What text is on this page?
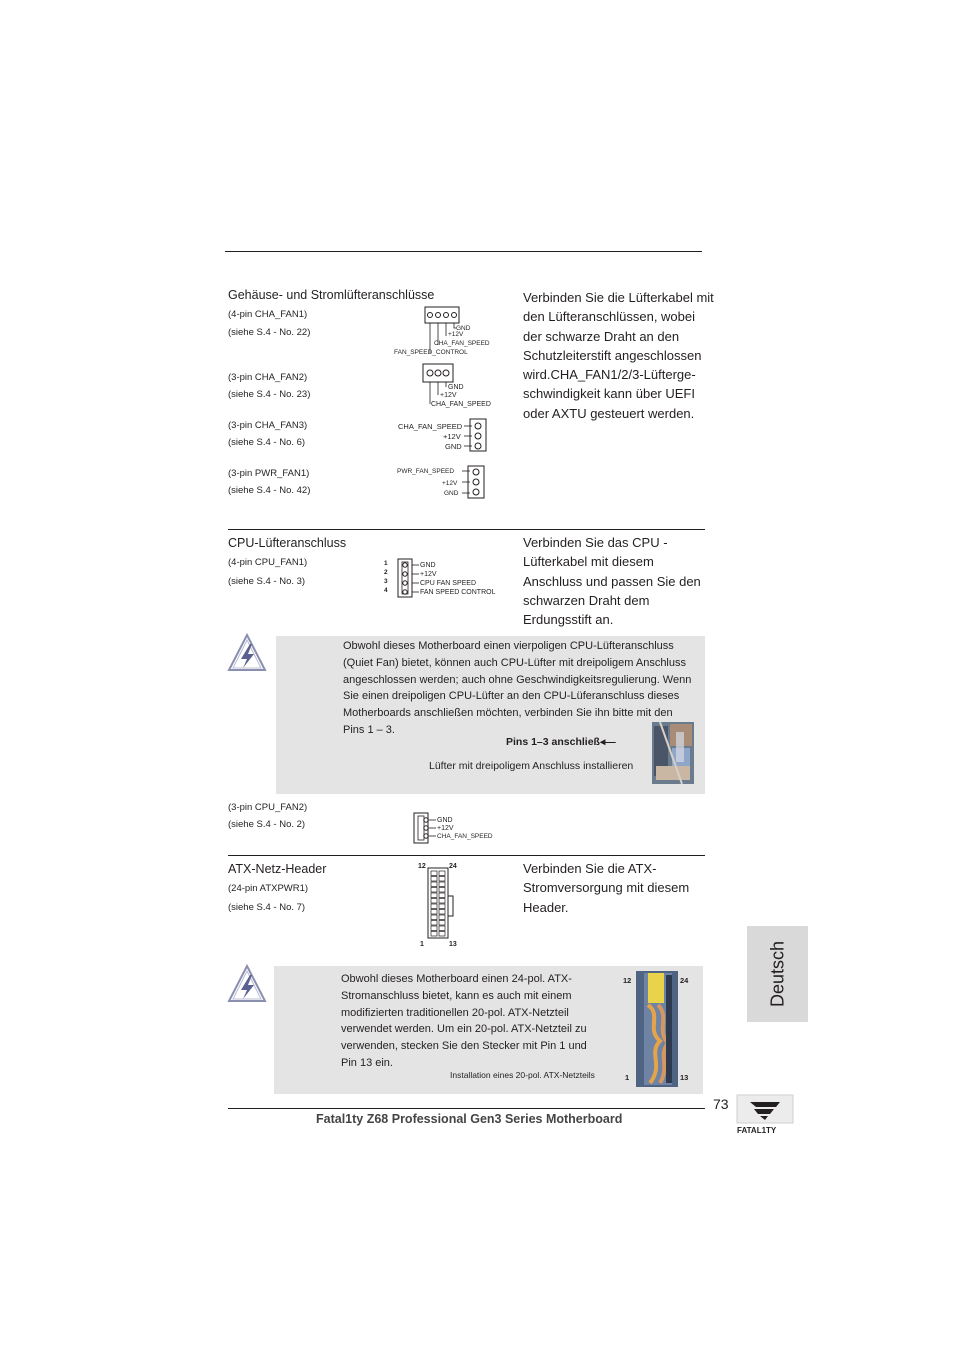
Gehäuse- und Stromlüfteranschlüsse
(4-pin CHA_FAN1)
(siehe S.4 - No. 22)
(3-pin CHA_FAN2)
(siehe S.4 - No. 23)
(3-pin CHA_FAN3)
(siehe S.4 - No. 6)
(3-pin PWR_FAN1)
(siehe S.4 - No. 42)
GND
+12V
CHA_FAN_SPEED
FAN_SPEED_CONTROL
GND
+12V
CHA_FAN_SPEED
CHA_FAN_SPEED
+12V
GND
PWR_FAN_SPEED
+12V
GND
Verbinden Sie die Lüfterkabel mit
den Lüfteranschlüssen, wobei
der schwarze Draht an den
Schutzleiterstift angeschlossen
wird.CHA_FAN1/2/3-Lüfterge-
schwindigkeit kann über UEFI
oder AXTU gesteuert werden.
CPU-Lüfteranschluss
(4-pin CPU_FAN1)
(siehe S.4 - No. 3)
1
2
3
4
GND
+12V
CPU FAN SPEED
FAN SPEED CONTROL
Verbinden Sie das CPU -
Lüfterkabel mit diesem
Anschluss und passen Sie den
schwarzen Draht dem
Erdungsstift an.
Obwohl dieses Motherboard einen vierpoligen CPU-Lüfteranschluss
(Quiet Fan) bietet, können auch CPU-Lüfter mit dreipoligem Anschluss
angeschlossen werden; auch ohne Geschwindigkeitsregulierung. Wenn
Sie einen dreipoligen CPU-Lüfter an den CPU-Lüferanschluss dieses
Motherboards anschließen möchten, verbinden Sie ihn bitte mit den
Pins 1 – 3.
Pins 1–3 anschließ◂—
Lüfter mit dreipoligem Anschluss installieren
(3-pin CPU_FAN2)
(siehe S.4 - No. 2)	GND
+12V
CHA_FAN_SPEED
ATX-Netz-Header
(24-pin ATXPWR1)
(siehe S.4 - No. 7)
12	24
1	13
Verbinden Sie die ATX-
Stromversorgung mit diesem
Header.
Obwohl dieses Motherboard einen 24-pol. ATX-
Stromanschluss bietet, kann es auch mit einem
modifizierten traditionellen 20-pol. ATX-Netzteil
verwendet werden. Um ein 20-pol. ATX-Netzteil zu
verwenden, stecken Sie den Stecker mit Pin 1 und
Pin 13 ein.
Installation eines 20-pol. ATX-Netzteils
12	24
1	13
Deutsch
73
Fatal1ty Z68 Professional Gen3 Series Motherboard
FATAL1TY
